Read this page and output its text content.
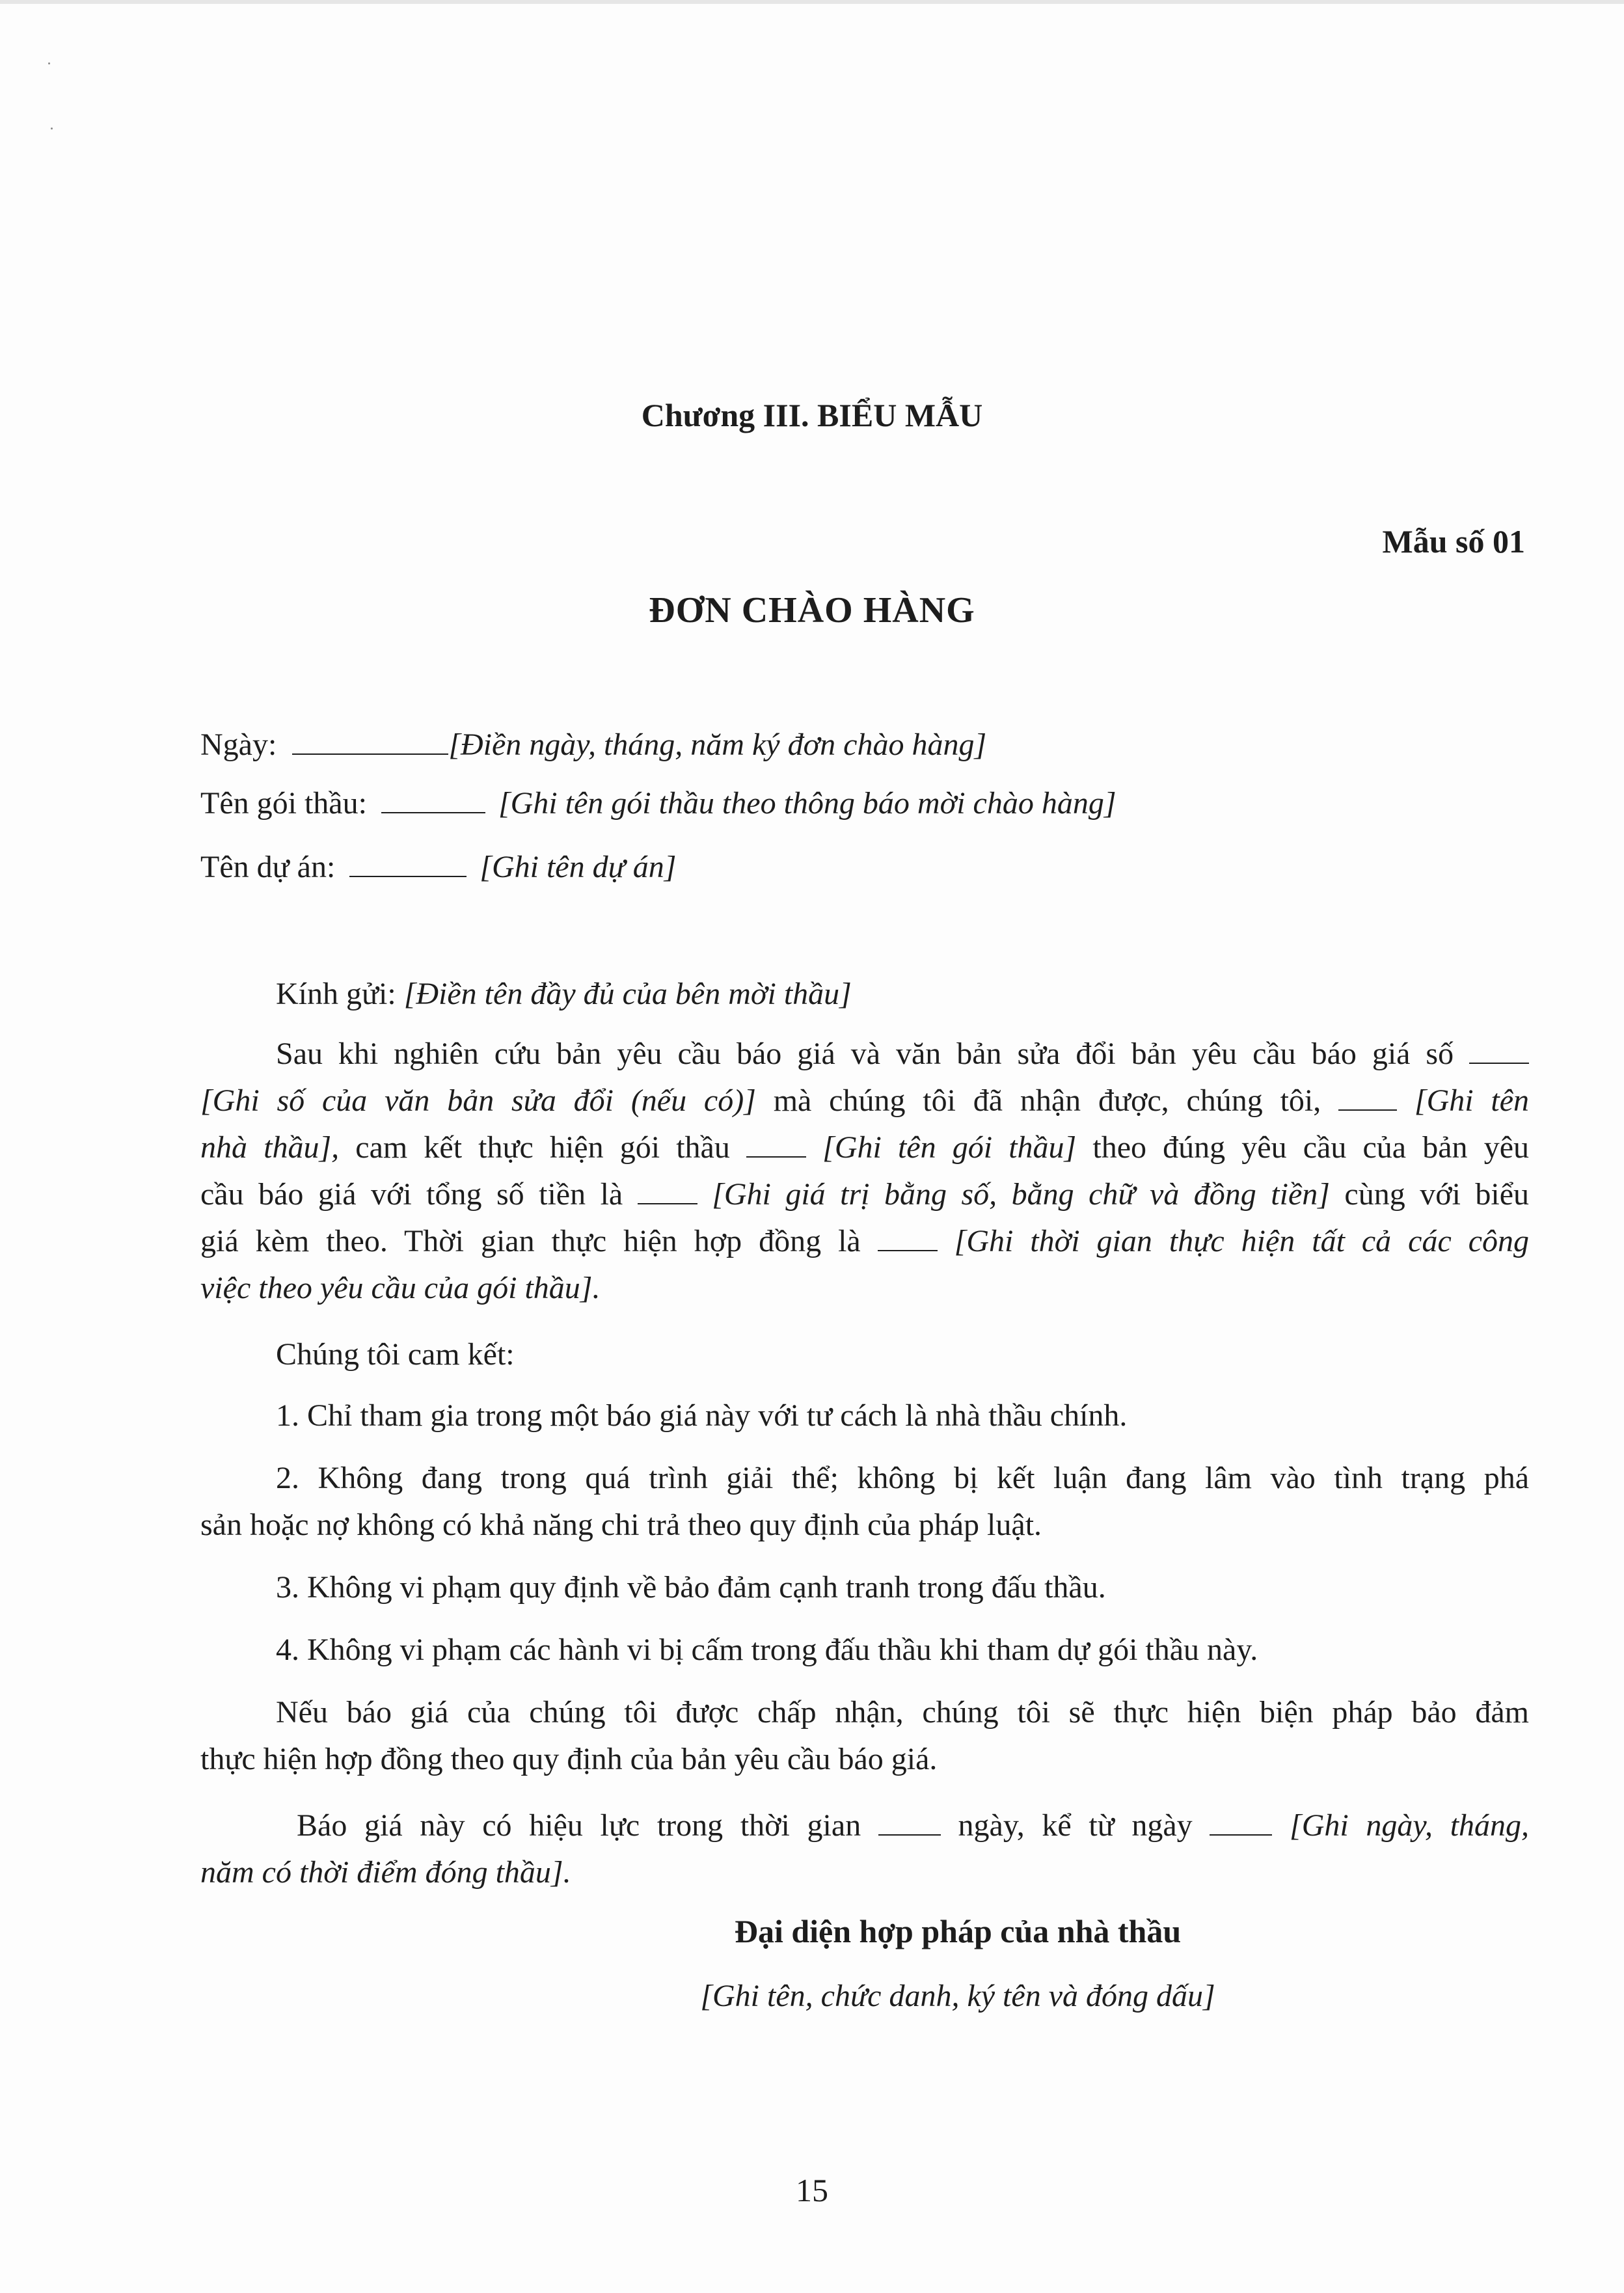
Chương III. BIỂU MẪU
Mẫu số 01
ĐƠN CHÀO HÀNG
Ngày:	[Điền ngày, tháng, năm ký đơn chào hàng]
Tên gói thầu:	[Ghi tên gói thầu theo thông báo mời chào hàng]
Tên dự án:	[Ghi tên dự án]
Kính gửi: [Điền tên đầy đủ của bên mời thầu]
Sau khi nghiên cứu bản yêu cầu báo giá và văn bản sửa đổi bản yêu cầu báo giá số
[Ghi số của văn bản sửa đổi (nếu có)] mà chúng tôi đã nhận được, chúng tôi,	[Ghi tên
nhà thầu], cam kết thực hiện gói thầu	[Ghi tên gói thầu] theo đúng yêu cầu của bản yêu
cầu báo giá với tổng số tiền là	[Ghi giá trị bằng số, bằng chữ và đồng tiền] cùng với biểu
giá kèm theo. Thời gian thực hiện hợp đồng là	[Ghi thời gian thực hiện tất cả các công
việc theo yêu cầu của gói thầu].
Chúng tôi cam kết:
1. Chỉ tham gia trong một báo giá này với tư cách là nhà thầu chính.
2. Không đang trong quá trình giải thể; không bị kết luận đang lâm vào tình trạng phá
sản hoặc nợ không có khả năng chi trả theo quy định của pháp luật.
3. Không vi phạm quy định về bảo đảm cạnh tranh trong đấu thầu.
4. Không vi phạm các hành vi bị cấm trong đấu thầu khi tham dự gói thầu này.
Nếu báo giá của chúng tôi được chấp nhận, chúng tôi sẽ thực hiện biện pháp bảo đảm
thực hiện hợp đồng theo quy định của bản yêu cầu báo giá.
Báo giá này có hiệu lực trong thời gian	ngày, kể từ ngày	[Ghi ngày, tháng,
năm có thời điểm đóng thầu].
Đại diện hợp pháp của nhà thầu
[Ghi tên, chức danh, ký tên và đóng dấu]
15
